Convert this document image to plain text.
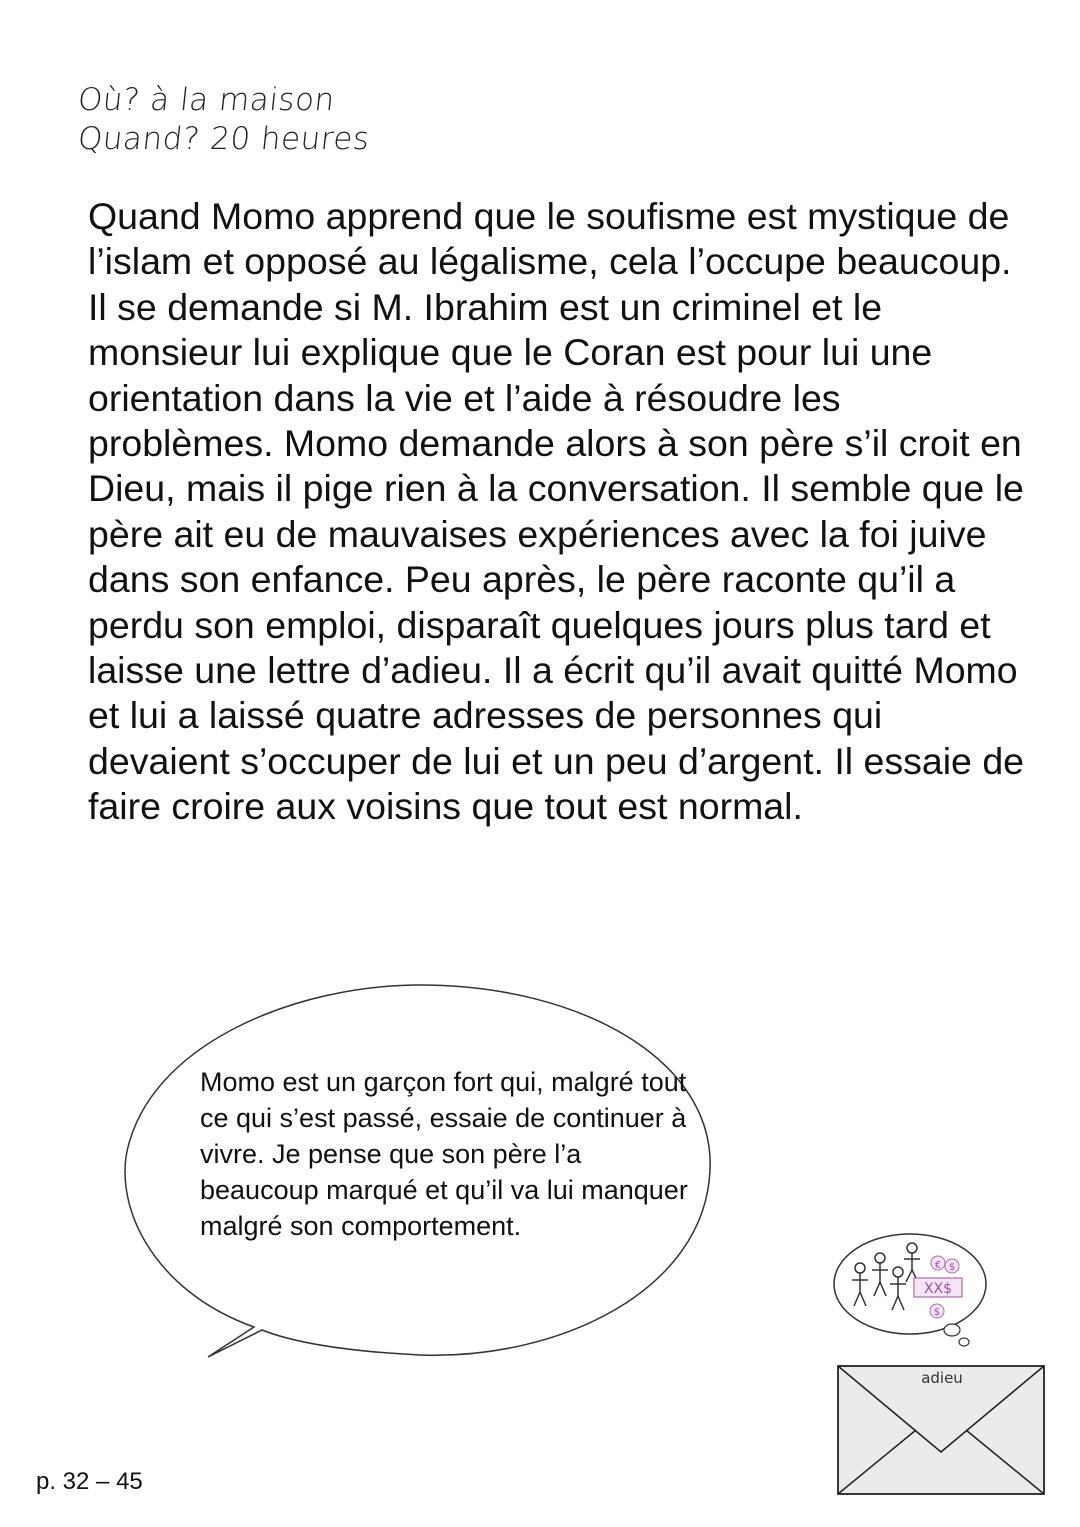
Où? à la maison
Quand? 20 heures

Quand Momo apprend que le soufisme est mystique de l’islam et opposé au légalisme, cela l’occupe beaucoup. Il se demande si M. Ibrahim est un criminel et le monsieur lui explique que le Coran est pour lui une orientation dans la vie et l’aide à résoudre les problèmes. Momo demande alors à son père s’il croit en Dieu, mais il pige rien à la conversation. Il semble que le père ait eu de mauvaises expériences avec la foi juive dans son enfance. Peu après, le père raconte qu’il a perdu son emploi, disparaît quelques jours plus tard et laisse une lettre d’adieu. Il a écrit qu’il avait quitté Momo et lui a laissé quatre adresses de personnes qui devaient s’occuper de lui et un peu d’argent. Il essaie de faire croire aux voisins que tout est normal.

XX$
€ $
$
adieu

Momo est un garçon fort qui, malgré tout ce qui s’est passé, essaie de continuer à vivre. Je pense que son père l’a beaucoup marqué et qu’il va lui manquer malgré son comportement.

p. 32 – 45
